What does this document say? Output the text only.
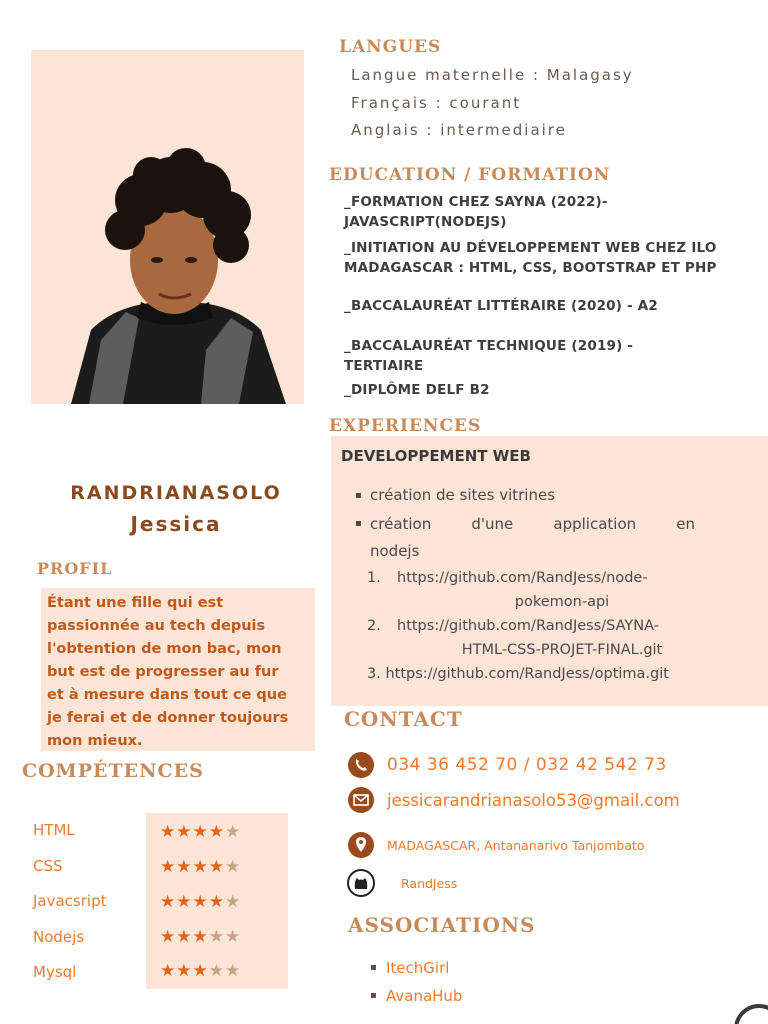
LANGUES
Langue maternelle : Malagasy
Français : courant
Anglais : intermediaire
EDUCATION / FORMATION
_FORMATION CHEZ SAYNA (2022)-
JAVASCRIPT(NODEJS)
_INITIATION AU DÉVELOPPEMENT WEB CHEZ ILO
MADAGASCAR : HTML, CSS, BOOTSTRAP ET PHP
_BACCALAURÉAT LITTÉRAIRE (2020) - A2
_BACCALAURÉAT TECHNIQUE (2019) -
TERTIAIRE
_DIPLÔME DELF B2
EXPERIENCES
DEVELOPPEMENT WEB
▪ création de sites vitrines
▪ création d'une application en
nodejs
1. https://github.com/RandJess/node-
pokemon-api
2. https://github.com/RandJess/SAYNA-
HTML-CSS-PROJET-FINAL.git
3. https://github.com/RandJess/optima.git
RANDRIANASOLO
Jessica
PROFIL
Étant une fille qui est
passionnée au tech depuis
l'obtention de mon bac, mon
but est de progresser au fur
et à mesure dans tout ce que
je ferai et de donner toujours
mon mieux.
COMPÉTENCES
HTML
CSS
Javacsript
Nodejs
Mysql
★★★★★
★★★★★
★★★★★
★★★★★
★★★★★
CONTACT
034 36 452 70 / 032 42 542 73
jessicarandrianasolo53@gmail.com
MADAGASCAR, Antananarivo Tanjombato
RandJess
ASSOCIATIONS
▪ ItechGirl
▪ AvanaHub
